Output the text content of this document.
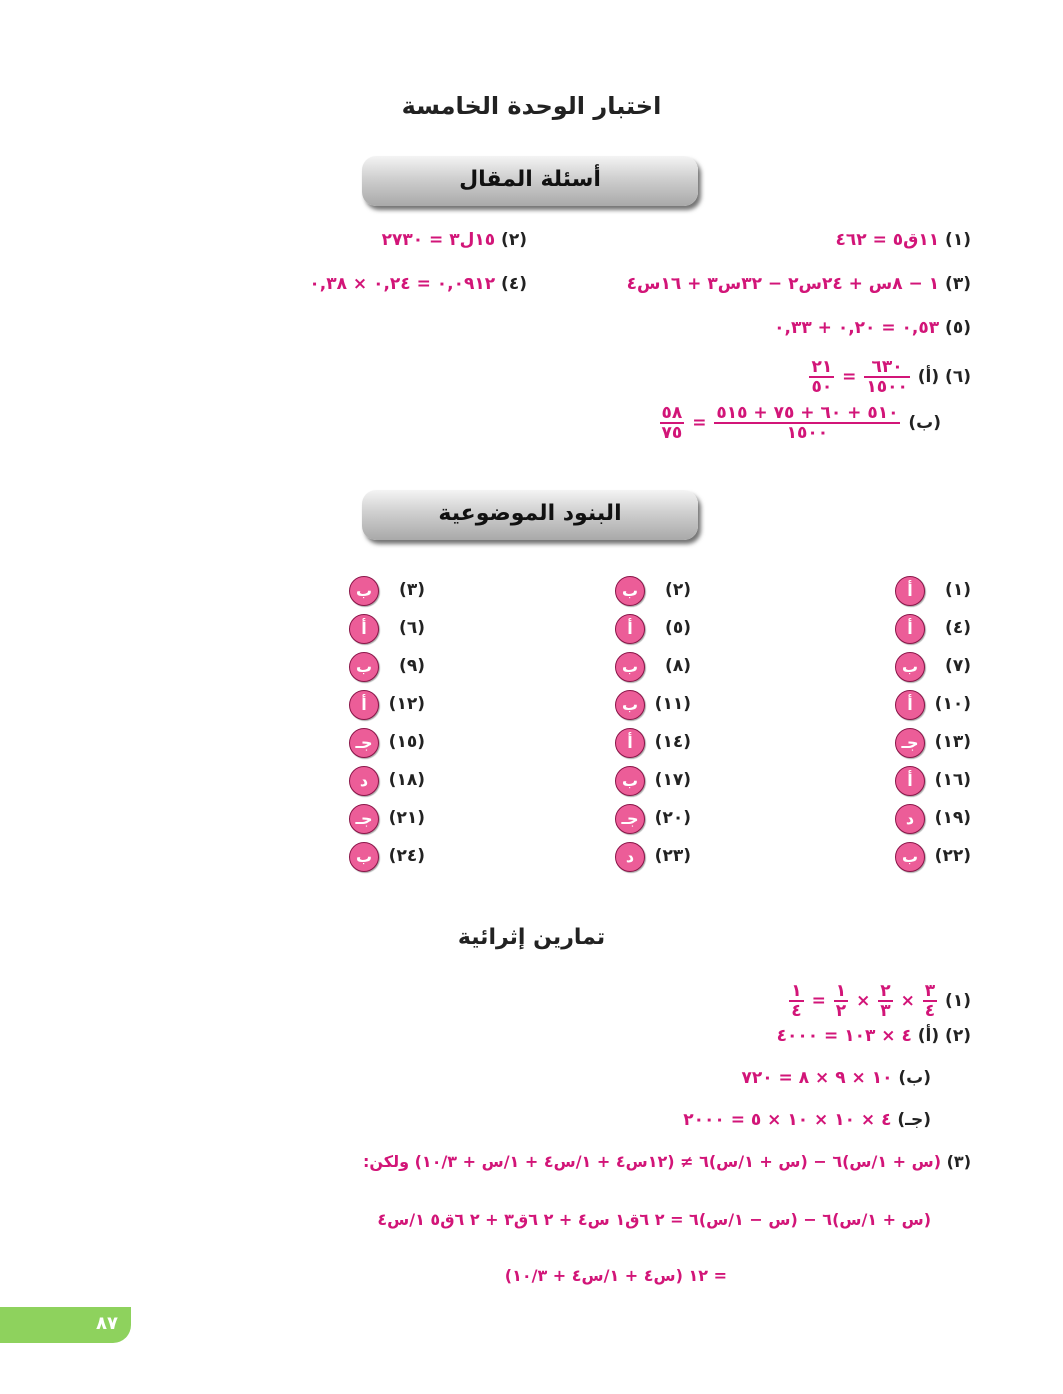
اختبار الوحدة الخامسة
أسئلة المقال
(١) ١١ق٥ = ٤٦٢
(٢) ١٥ل٣ = ٢٧٣٠
(٣) ١ − ٨س + ٢٤س٢ − ٣٢س٣ + ١٦س٤
(٤) ٠,٠٩١٢ = ٠,٢٤ × ٠,٣٨
(٥) ٠,٥٣ = ٠,٢٠ + ٠,٣٣
(٦) (أ)
$\frac{٦٣٠}{١٥٠٠}$
=
$\frac{٢١}{٥٠}$
(ب)
$\frac{٥١٠ + ٦٠ + ٧٥ + ٥١٥}{١٥٠٠}$
=
$\frac{٥٨}{٧٥}$
البنود الموضوعية
(١)
أ
(٢)
ب
(٣)
ب
(٤)
أ
(٥)
أ
(٦)
أ
(٧)
ب
(٨)
ب
(٩)
ب
(١٠)
أ
(١١)
ب
(١٢)
أ
(١٣)
جـ
(١٤)
أ
(١٥)
جـ
(١٦)
أ
(١٧)
ب
(١٨)
د
(١٩)
د
(٢٠)
جـ
(٢١)
جـ
(٢٢)
ب
(٢٣)
د
(٢٤)
ب
تمارين إثرائية
(١)
$\frac{٣}{٤}$
×
$\frac{٢}{٣}$
×
$\frac{١}{٢}$
=
$\frac{١}{٤}$
(٢) (أ) ٤ × ١٠٣ = ٤٠٠٠
(ب) ١٠ × ٩ × ٨ = ٧٢٠
(جـ) ٤ × ١٠ × ١٠ × ٥ = ٢٠٠٠
(٣) (س + ١/س)٦ − (س + ١/س)٦ ≠ (١٢س٤ + ١/س٤ + ١/س + ١٠/٣) ولكن:
(س + ١/س)٦ − (س − ١/س)٦ = ٢ ٦ق١ س٤ + ٢ ٦ق٣ + ٢ ٦ق٥ ١/س٤
= ١٢ (س٤ + ١/س٤ + ١٠/٣)
٨٧
